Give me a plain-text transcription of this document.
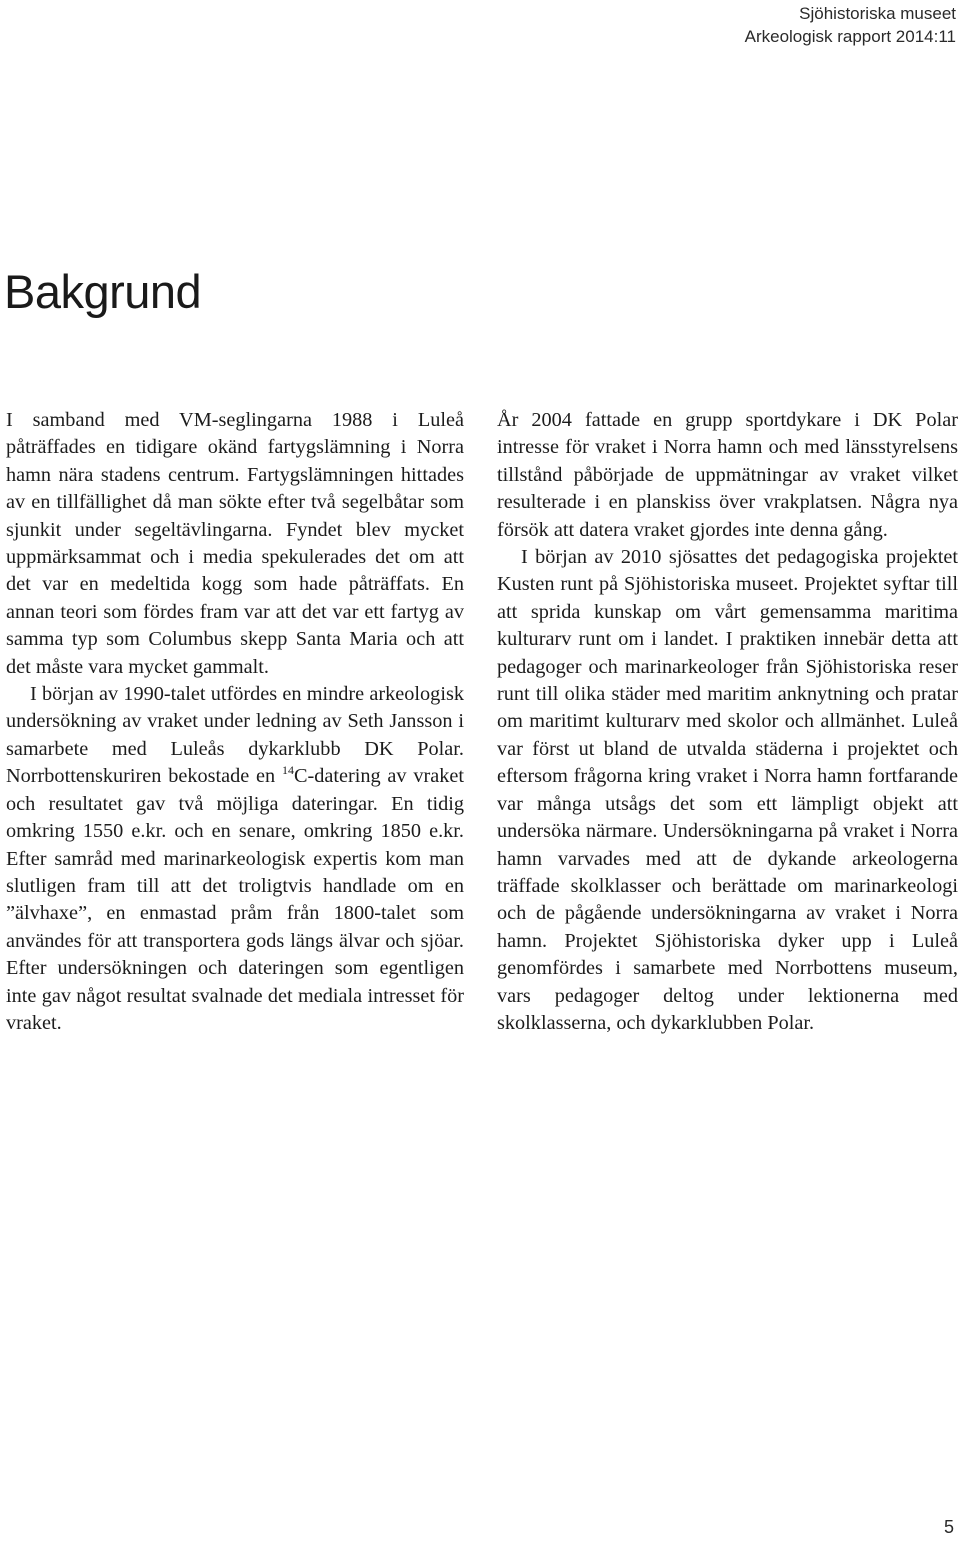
Sjöhistoriska museet
Arkeologisk rapport 2014:11
Bakgrund

I samband med VM-seglingarna 1988 i Luleå påträffades en tidigare okänd fartygslämning i Norra hamn nära stadens centrum. Fartygslämningen hittades av en tillfällighet då man sökte efter två segelbåtar som sjunkit under segeltävlingarna. Fyndet blev mycket uppmärksammat och i media spekulerades det om att det var en medeltida kogg som hade påträffats. En annan teori som fördes fram var att det var ett fartyg av samma typ som Columbus skepp Santa Maria och att det måste vara mycket gammalt.

I början av 1990-talet utfördes en mindre arkeologisk undersökning av vraket under ledning av Seth Jansson i samarbete med Luleås dykarklubb DK Polar. Norrbottenskuriren bekostade en $^{14}$C-datering av vraket och resultatet gav två möjliga dateringar. En tidig omkring 1550 e.kr. och en senare, omkring 1850 e.kr. Efter samråd med marinarkeologisk expertis kom man slutligen fram till att det troligtvis handlade om en ”älvhaxe”, en enmastad pråm från 1800-talet som användes för att transportera gods längs älvar och sjöar. Efter undersökningen och dateringen som egentligen inte gav något resultat svalnade det mediala intresset för vraket.

År 2004 fattade en grupp sportdykare i DK Polar intresse för vraket i Norra hamn och med länsstyrelsens tillstånd påbörjade de uppmätningar av vraket vilket resulterade i en planskiss över vrakplatsen. Några nya försök att datera vraket gjordes inte denna gång.

I början av 2010 sjösattes det pedagogiska projektet Kusten runt på Sjöhistoriska museet. Projektet syftar till att sprida kunskap om vårt gemensamma maritima kulturarv runt om i landet. I praktiken innebär detta att pedagoger och marinarkeologer från Sjöhistoriska reser runt till olika städer med maritim anknytning och pratar om maritimt kulturarv med skolor och allmänhet. Luleå var först ut bland de utvalda städerna i projektet och eftersom frågorna kring vraket i Norra hamn fortfarande var många utsågs det som ett lämpligt objekt att undersöka närmare. Undersökningarna på vraket i Norra hamn varvades med att de dykande arkeologerna träffade skolklasser och berättade om marinarkeologi och de pågående undersökningarna av vraket i Norra hamn. Projektet Sjöhistoriska dyker upp i Luleå genomfördes i samarbete med Norrbottens museum, vars pedagoger deltog under lektionerna med skolklasserna, och dykarklubben Polar.

5
